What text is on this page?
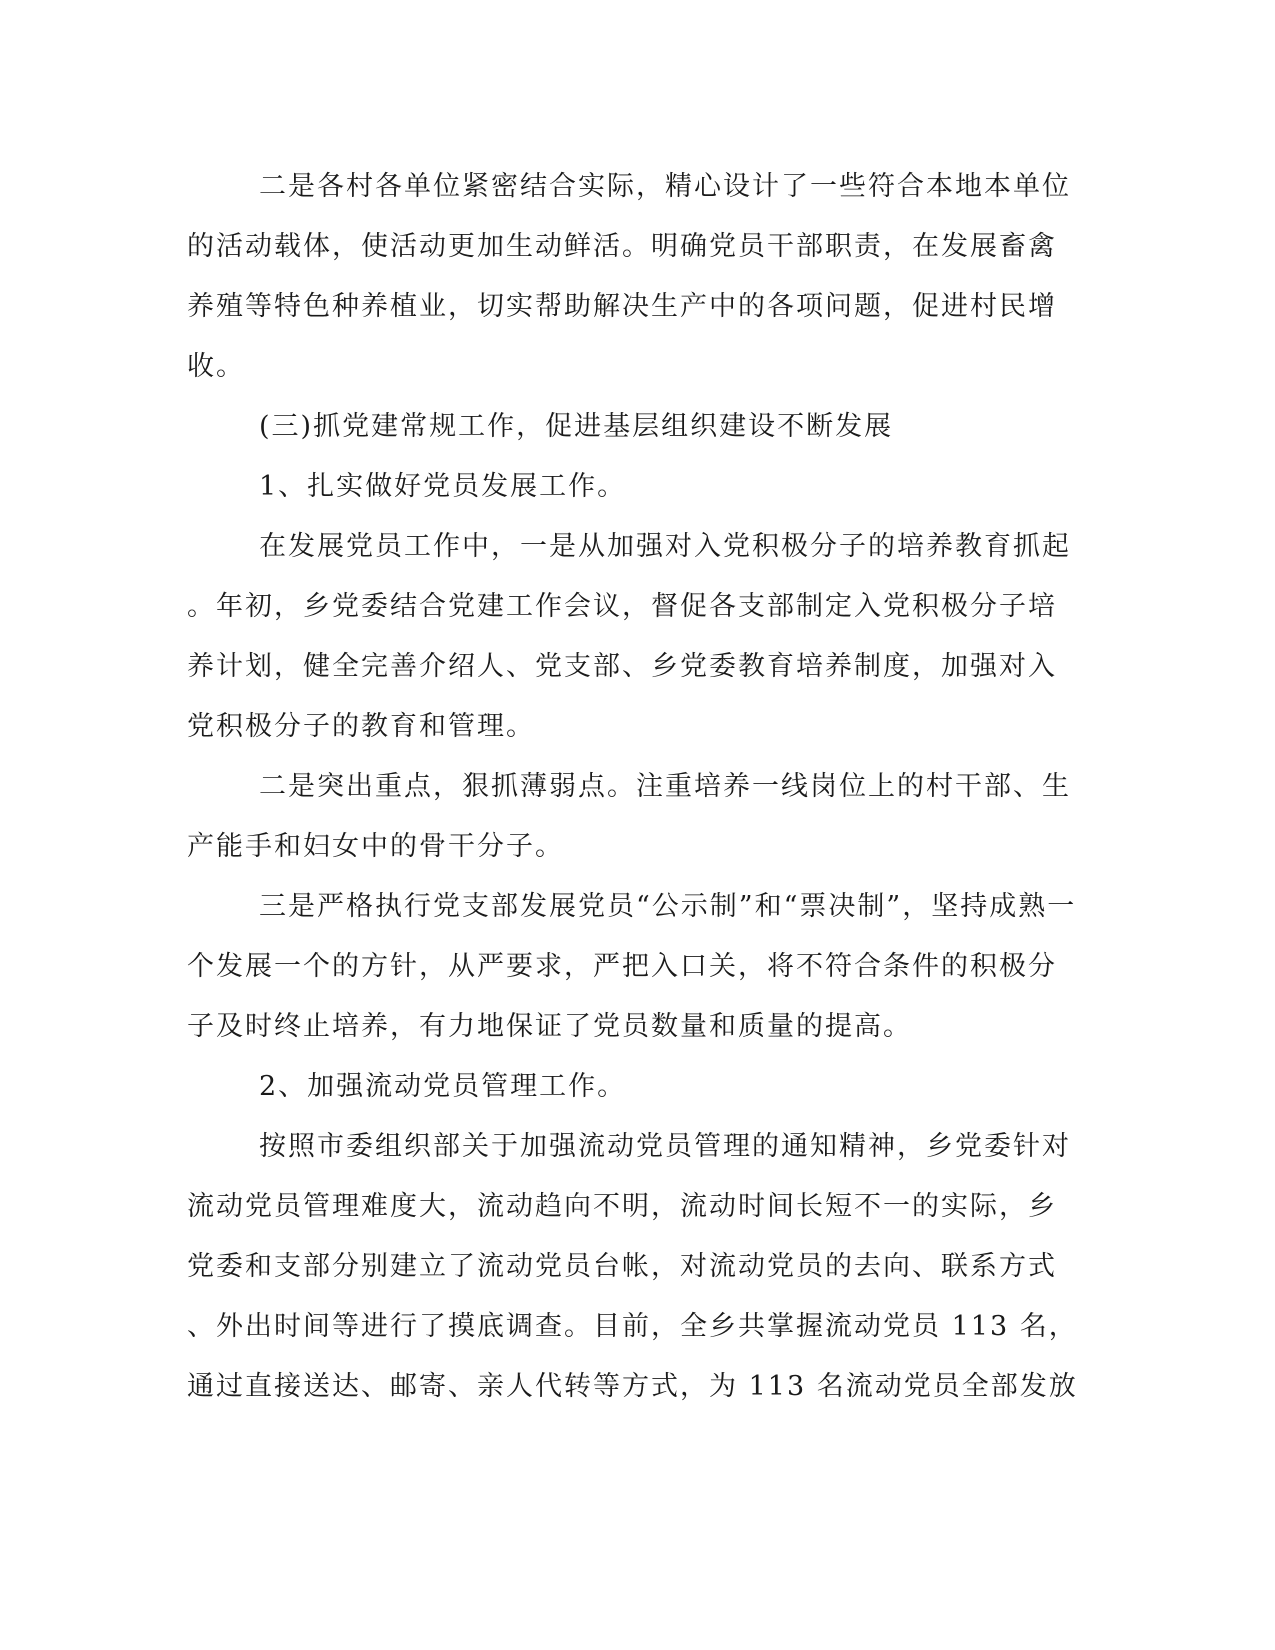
二是各村各单位紧密结合实际，精心设计了一些符合本地本单位
的活动载体，使活动更加生动鲜活。明确党员干部职责，在发展畜禽
养殖等特色种养植业，切实帮助解决生产中的各项问题，促进村民增
收。
(三)抓党建常规工作，促进基层组织建设不断发展
1、扎实做好党员发展工作。
在发展党员工作中，一是从加强对入党积极分子的培养教育抓起
。年初，乡党委结合党建工作会议，督促各支部制定入党积极分子培
养计划，健全完善介绍人、党支部、乡党委教育培养制度，加强对入
党积极分子的教育和管理。
二是突出重点，狠抓薄弱点。注重培养一线岗位上的村干部、生
产能手和妇女中的骨干分子。
三是严格执行党支部发展党员“公示制”和“票决制”，坚持成熟一
个发展一个的方针，从严要求，严把入口关，将不符合条件的积极分
子及时终止培养，有力地保证了党员数量和质量的提高。
2、加强流动党员管理工作。
按照市委组织部关于加强流动党员管理的通知精神，乡党委针对
流动党员管理难度大，流动趋向不明，流动时间长短不一的实际，乡
党委和支部分别建立了流动党员台帐，对流动党员的去向、联系方式
、外出时间等进行了摸底调查。目前，全乡共掌握流动党员 113 名，
通过直接送达、邮寄、亲人代转等方式，为 113 名流动党员全部发放
